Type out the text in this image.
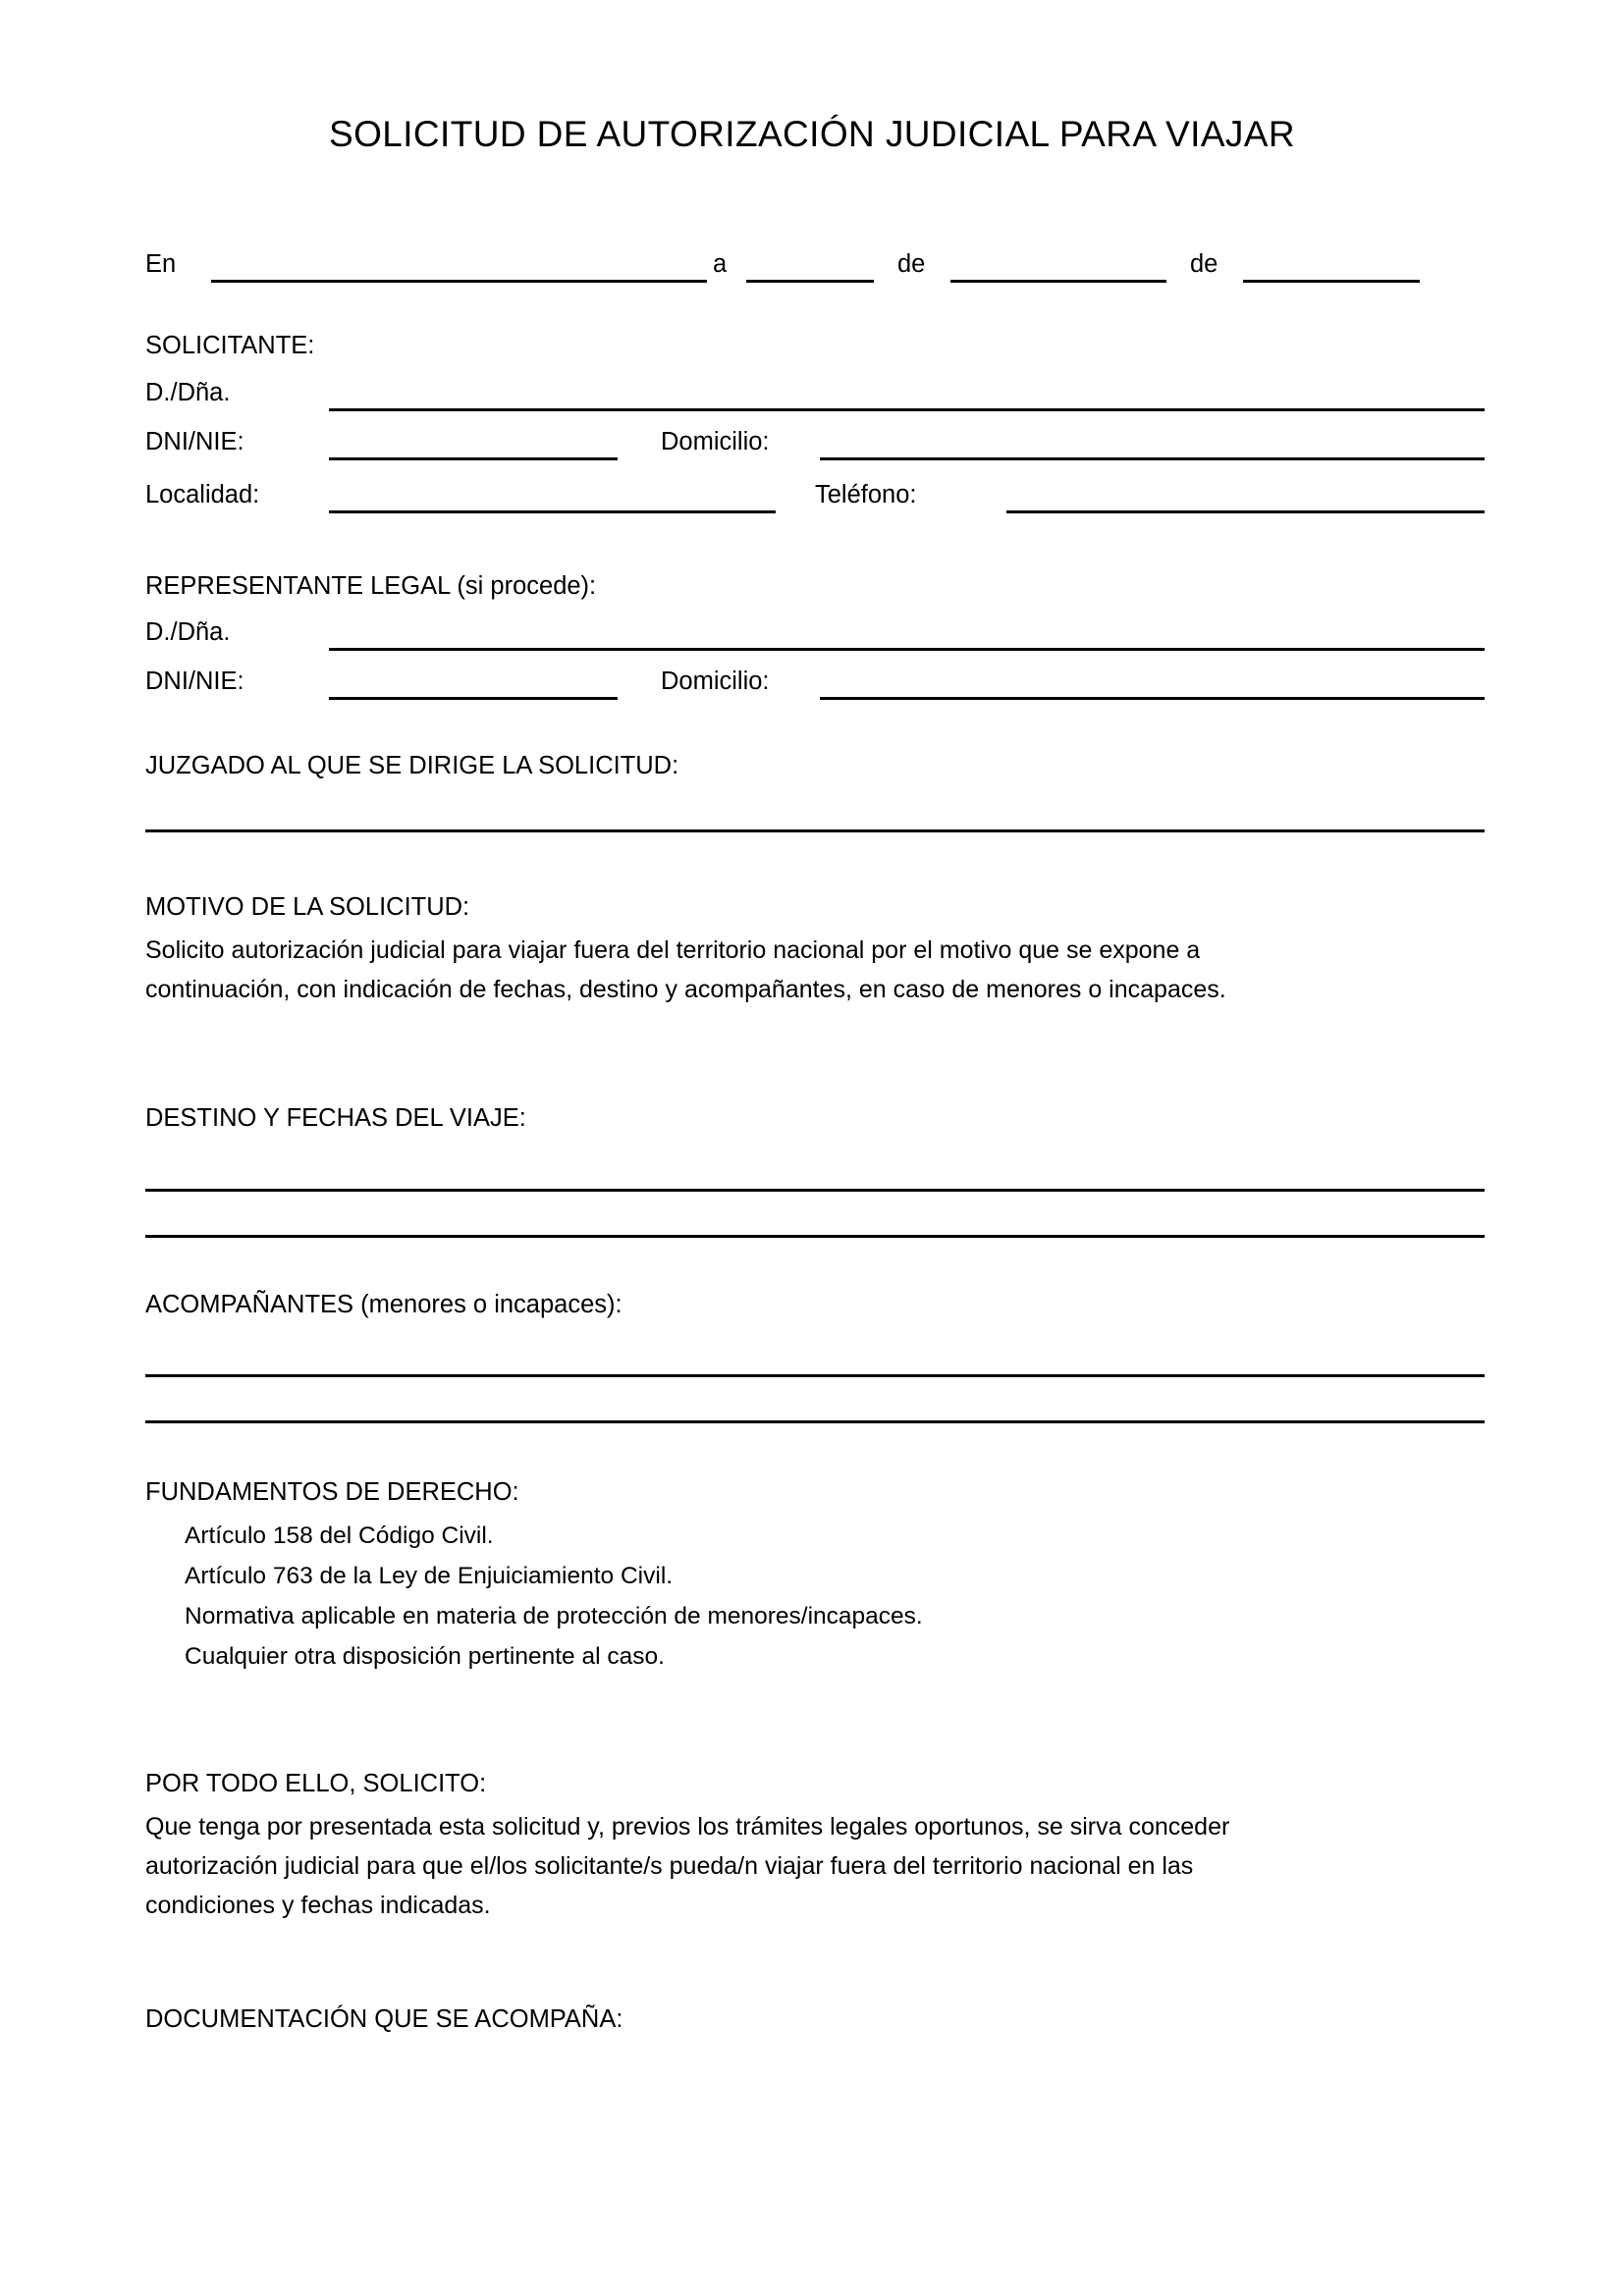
SOLICITUD DE AUTORIZACIÓN JUDICIAL PARA VIAJAR
En	a	de	de
SOLICITANTE:
D./Dña.
DNI/NIE:	Domicilio:
Localidad:	Teléfono:
REPRESENTANTE LEGAL (si procede):
D./Dña.
DNI/NIE:	Domicilio:
JUZGADO AL QUE SE DIRIGE LA SOLICITUD:
MOTIVO DE LA SOLICITUD:
Solicito autorización judicial para viajar fuera del territorio nacional por el motivo que se expone a
continuación, con indicación de fechas, destino y acompañantes, en caso de menores o incapaces.
DESTINO Y FECHAS DEL VIAJE:
ACOMPAÑANTES (menores o incapaces):
FUNDAMENTOS DE DERECHO:
Artículo 158 del Código Civil.
Artículo 763 de la Ley de Enjuiciamiento Civil.
Normativa aplicable en materia de protección de menores/incapaces.
Cualquier otra disposición pertinente al caso.
POR TODO ELLO, SOLICITO:
Que tenga por presentada esta solicitud y, previos los trámites legales oportunos, se sirva conceder
autorización judicial para que el/los solicitante/s pueda/n viajar fuera del territorio nacional en las
condiciones y fechas indicadas.
DOCUMENTACIÓN QUE SE ACOMPAÑA:
